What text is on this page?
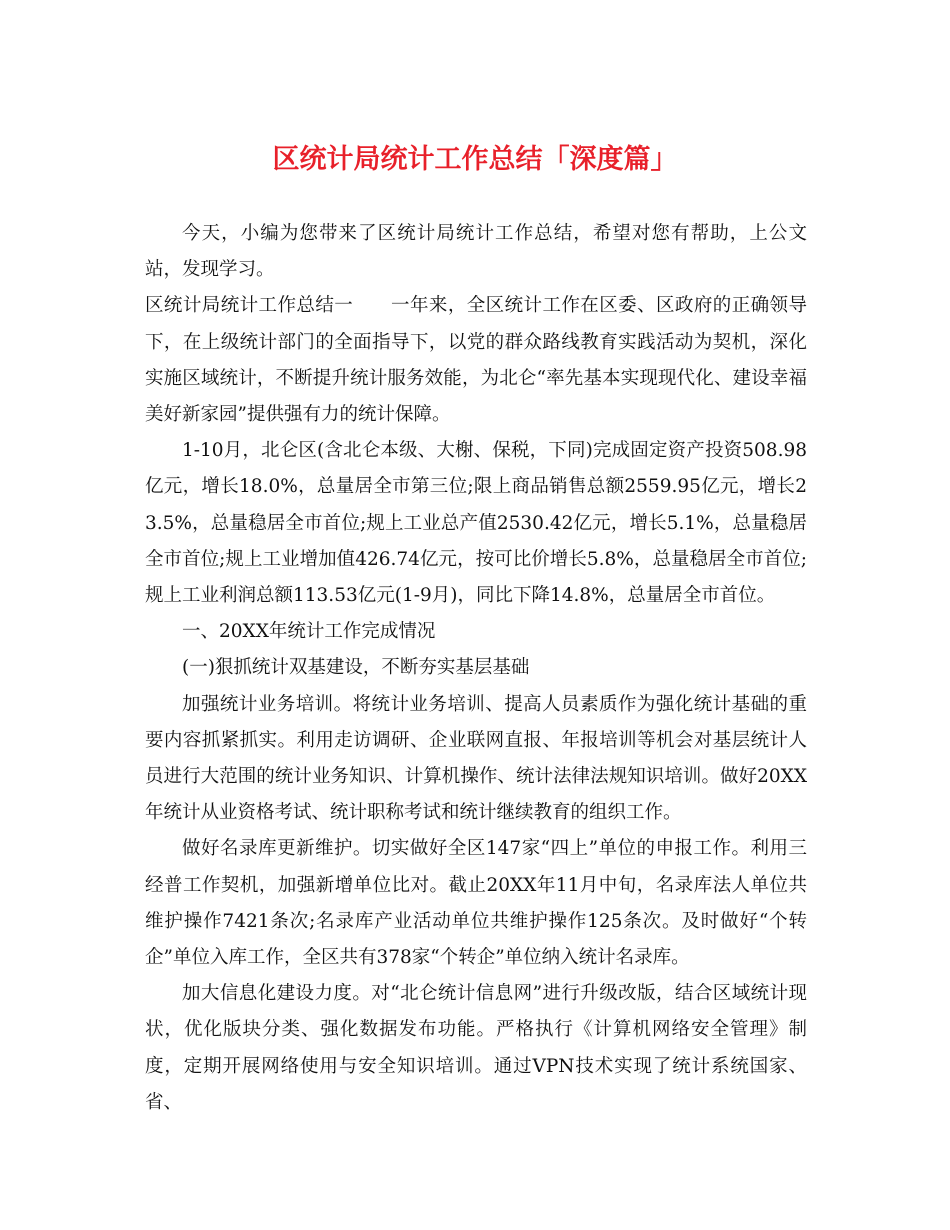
区统计局统计工作总结「深度篇」

今天，小编为您带来了区统计局统计工作总结，希望对您有帮助，上公文站，发现学习。

区统计局统计工作总结一　　一年来，全区统计工作在区委、区政府的正确领导下，在上级统计部门的全面指导下，以党的群众路线教育实践活动为契机，深化实施区域统计，不断提升统计服务效能，为北仑“率先基本实现现代化、建设幸福美好新家园”提供强有力的统计保障。

1-10月，北仑区(含北仑本级、大榭、保税，下同)完成固定资产投资508.98亿元，增长18.0%，总量居全市第三位;限上商品销售总额2559.95亿元，增长23.5%，总量稳居全市首位;规上工业总产值2530.42亿元，增长5.1%，总量稳居全市首位;规上工业增加值426.74亿元，按可比价增长5.8%，总量稳居全市首位;规上工业利润总额113.53亿元(1-9月)，同比下降14.8%，总量居全市首位。

一、20XX年统计工作完成情况

(一)狠抓统计双基建设，不断夯实基层基础

加强统计业务培训。将统计业务培训、提高人员素质作为强化统计基础的重要内容抓紧抓实。利用走访调研、企业联网直报、年报培训等机会对基层统计人员进行大范围的统计业务知识、计算机操作、统计法律法规知识培训。做好20XX年统计从业资格考试、统计职称考试和统计继续教育的组织工作。

做好名录库更新维护。切实做好全区147家“四上”单位的申报工作。利用三经普工作契机，加强新增单位比对。截止20XX年11月中旬，名录库法人单位共维护操作7421条次;名录库产业活动单位共维护操作125条次。及时做好“个转企”单位入库工作，全区共有378家“个转企”单位纳入统计名录库。

加大信息化建设力度。对“北仑统计信息网”进行升级改版，结合区域统计现状，优化版块分类、强化数据发布功能。严格执行《计算机网络安全管理》制度，定期开展网络使用与安全知识培训。通过VPN技术实现了统计系统国家、省、
